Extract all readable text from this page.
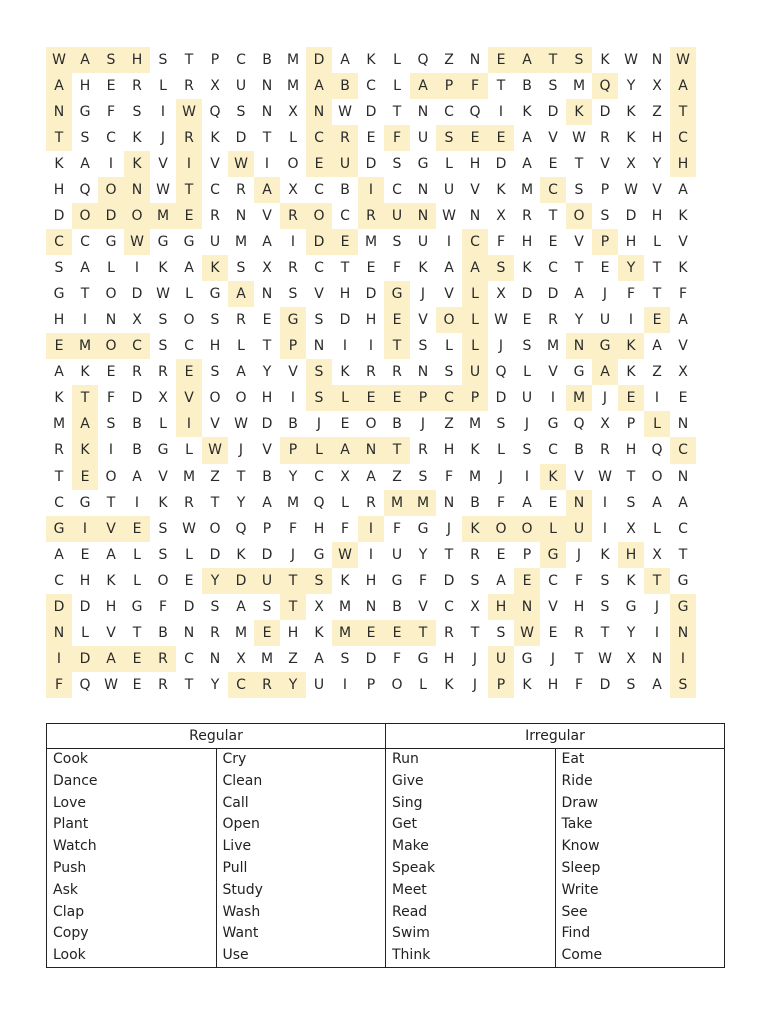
W	A	S	H	S	T	P	C	B	M	D	A	K	L	Q	Z	N	E	A	T	S	K	W N W
A	H	E	R	L	R	X	U	N	M	A	B	C	L	A	P	F	T	B	S	M	Q	Y	X	A
N	G	F	S	I	W Q	S	N	X	N W D	T	N	C	Q	I	K	D	K	D	K	Z	T
T	S	C	K	J	R	K	D	T	L	C	R	E	F	U	S	E	E	A	V	W	R	K	H	C
K	A	I	K	V	I	V	W	I	O	E	U	D	S	G	L	H	D	A	E	T	V	X	Y	H
H	Q	O	N W	T	C	R	A	X	C	B	I	C	N	U	V	K	M	C	S	P	W	V	A
D	O	D	O	M	E	R	N	V	R	O	C	R	U	N W N	X	R	T	O	S	D	H	K
C	C	G W G	G	U	M	A	I	D	E	M	S	U	I	C	F	H	E	V	P	H	L	V
S	A	L	I	K	A	K	S	X	R	C	T	E	F	K	A	A	S	K	C	T	E	Y	T	K
G	T	O	D W	L	G	A	N	S	V	H	D	G	J	V	L	X	D	D	A	J	F	T	F
H	I	N	X	S	O	S	R	E	G	S	D	H	E	V	O	L	W	E	R	Y	U	I	E	A
E	M	O	C	S	C	H	L	T	P	N	I	I	T	S	L	L	J	S	M	N	G	K	A	V
A	K	E	R	R	E	S	A	Y	V	S	K	R	R	N	S	U	Q	L	V	G	A	K	Z	X
K	T	F	D	X	V	O	O	H	I	S	L	E	E	P	C	P	D	U	I	M	J	E	I	E
M	A	S	B	L	I	V	W D	B	J	E	O	B	J	Z	M	S	J	G	Q	X	P	L	N
R	K	I	B	G	L	W	J	V	P	L	A	N	T	R	H	K	L	S	C	B	R	H	Q	C
T	E	O	A	V	M	Z	T	B	Y	C	X	A	Z	S	F	M	J	I	K	V	W	T	O	N
C	G	T	I	K	R	T	Y	A	M	Q	L	R	M M	N	B	F	A	E	N	I	S	A	A
G	I	V	E	S	W O	Q	P	F	H	F	I	F	G	J	K	O	O	L	U	I	X	L	C
A	E	A	L	S	L	D	K	D	J	G W	I	U	Y	T	R	E	P	G	J	K	H	X	T
C	H	K	L	O	E	Y	D	U	T	S	K	H	G	F	D	S	A	E	C	F	S	K	T	G
D	D	H	G	F	D	S	A	S	T	X	M	N	B	V	C	X	H	N	V	H	S	G	J	G
N	L	V	T	B	N	R	M	E	H	K	M	E	E	T	R	T	S	W	E	R	T	Y	I	N
I	D	A	E	R	C	N	X	M	Z	A	S	D	F	G	H	J	U	G	J	T	W	X	N	I
F	Q W	E	R	T	Y	C	R	Y	U	I	P	O	L	K	J	P	K	H	F	D	S	A	S
Regular		Irregular	
Cook	Cry	Run	Eat
Dance	Clean	Give	Ride
Love	Call	Sing	Draw
Plant	Open	Get	Take
Watch	Live	Make	Know
Push	Pull	Speak	Sleep
Ask	Study	Meet	Write
Clap	Wash	Read	See
Copy	Want	Swim	Find
Look	Use	Think	Come
